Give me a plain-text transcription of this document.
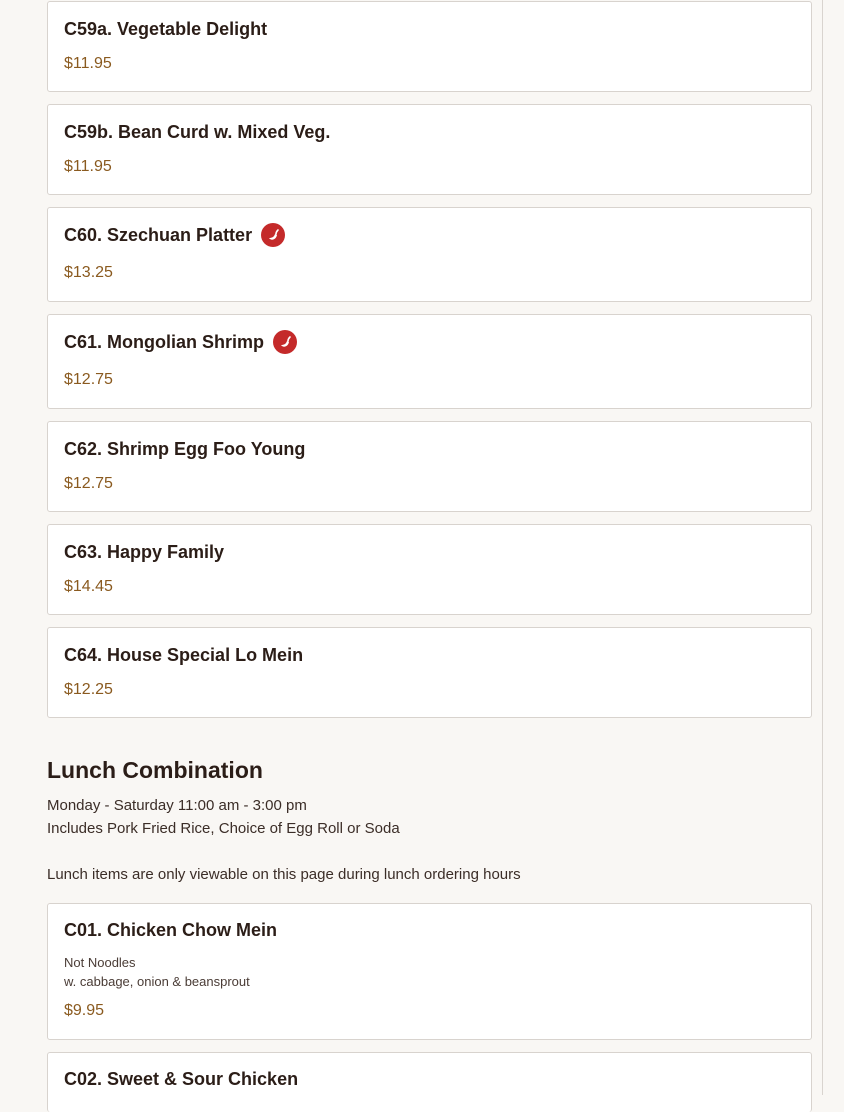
C59a. Vegetable Delight
$11.95
C59b. Bean Curd w. Mixed Veg.
$11.95
C60. Szechuan Platter
$13.25
C61. Mongolian Shrimp
$12.75
C62. Shrimp Egg Foo Young
$12.75
C63. Happy Family
$14.45
C64. House Special Lo Mein
$12.25
Lunch Combination
Monday - Saturday 11:00 am - 3:00 pm
Includes Pork Fried Rice, Choice of Egg Roll or Soda
Lunch items are only viewable on this page during lunch ordering hours
C01. Chicken Chow Mein
Not Noodles
w. cabbage, onion & beansprout
$9.95
C02. Sweet & Sour Chicken
